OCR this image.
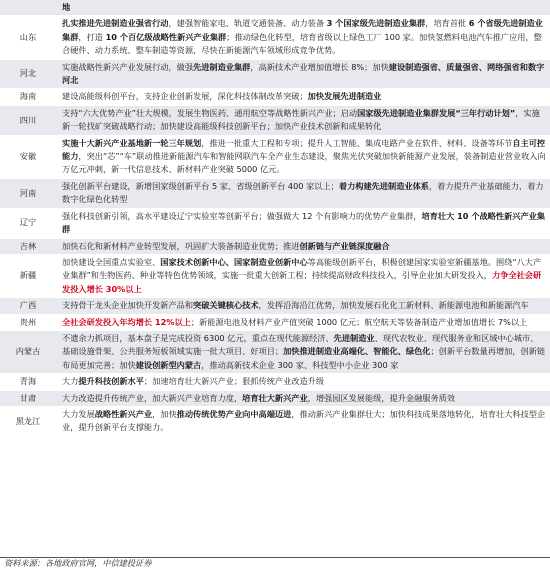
	地
山东	扎实推进先进制造业强省行动，建强智能家电、轨道交通装备、动力装备 3 个国家级先进制造业集群，培育首批 6 个省级先进制造业集群，打造 10 个百亿级战略性新兴产业集群；推动绿色化转型，培育省级以上绿色工厂 100 家。加快氢燃料电池汽车推广应用，整合硬件、动力系统、整车制造等资源，尽快在新能源汽车领域形成竞争优势。
河北	实施战略性新兴产业发展行动，做强先进制造业集群，高新技术产业增加值增长 8%；加快建设制造强省、质量强省、网络强省和数字河北
海南	建设高能级科创平台，支持企业创新发展，深化科技体制改革突破；加快发展先进制造业
四川	支持“六大优势产业”壮大规模，发展生物医药、通用航空等战略性新兴产业；启动国家级先进制造业集群发展“三年行动计划”，实施新一轮找矿突破战略行动；加快建设高能级科技创新平台；加快产业技术创新和成果转化
安徽	实施十大新兴产业基地新一轮三年规划，推进一批重大工程和专项；提升人工智能、集成电路产业在软件、材料、设备等环节自主可控能力，突出“芯”“车”联动推进新能源汽车和智能网联汽车全产业生态建设，聚焦光伏突破加快新能源产业发展，装备制造业营业收入向万亿元冲刺，新一代信息技术、新材料产业突破 5000 亿元。
河南	强化创新平台建设，新增国家级创新平台 5 家、省级创新平台 400 家以上；着力构建先进制造业体系，着力提升产业基础能力，着力数字化绿色化转型
辽宁	强化科技创新引领，高水平建设辽宁实验室等创新平台；做强做大 12 个有影响力的优势产业集群，培育壮大 10 个战略性新兴产业集群
吉林	加快石化和新材料产业转型发展，巩固扩大装备制造业优势；推进创新链与产业链深度融合
新疆	加快建设全国重点实验室、国家技术创新中心、国家制造业创新中心等高能级创新平台，积极创建国家实验室新疆基地。围绕“八大产业集群”和生物医药、种业等特色优势领域，实施一批重大创新工程；持续提高财政科技投入，引导企业加大研发投入，力争全社会研发投入增长 30%以上
广西	支持骨干龙头企业加快开发新产品和突破关键核心技术，发挥沿海沿江优势，加快发展石化化工新材料、新能源电池和新能源汽车
贵州	全社会研发投入年均增长 12%以上；新能源电池及材料产业产值突破 1000 亿元；航空航天等装备制造产业增加值增长 7%以上
内蒙古	不遗余力抓项目，基本盘子是完成投资 6300 亿元，重点在现代能源经济、先进制造业、现代农牧业、现代服务业和区域中心城市、基础设施骨架、公共服务短板领域实施一批大项目、好项目；加快推进制造业高端化、智能化、绿色化；创新平台数量再增加，创新链布局更加完善；加快建设创新型内蒙古，推动高新技术企业 300 家、科技型中小企业 300 家
青海	大力提升科技创新水平；加速培育壮大新兴产业；狠抓传统产业改造升级
甘肃	大力改造提升传统产业，加大新兴产业培育力度，培育壮大新兴产业，增强园区发展能级，提升金融服务质效
黑龙江	大力发展战略性新兴产业，加快推动传统优势产业向中高端迈进，推动新兴产业集群壮大；加快科技成果落地转化，培育壮大科技型企业，提升创新平台支撑能力。
资料来源：各地政府官网，中信建投证券
